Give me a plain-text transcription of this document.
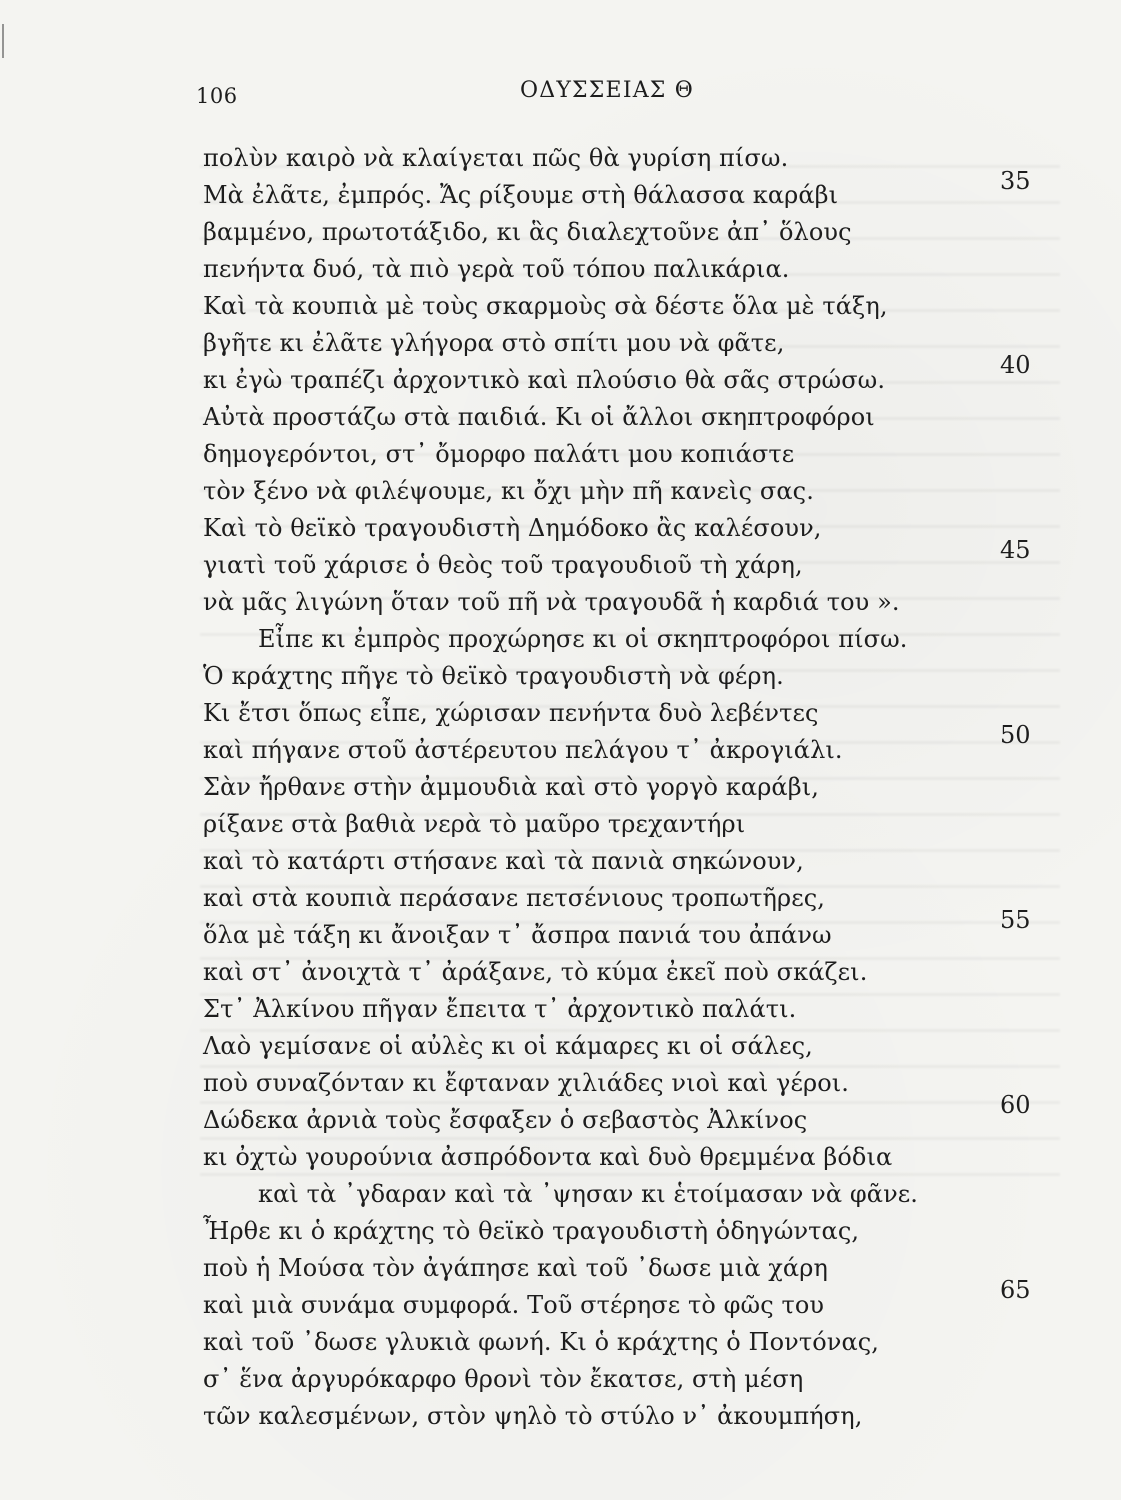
106	ΟΔΥΣΣΕΙΑΣ Θ
πολὺν καιρὸ νὰ κλαίγεται πῶς θὰ γυρίση πίσω.
Μὰ ἐλᾶτε, ἐμπρός. Ἄς ρίξουμε στὴ θάλασσα καράβι
βαμμένο, πρωτοτάξιδο, κι ἃς διαλεχτοῦνε ἀπ᾽ ὅλους
πενήντα δυό, τὰ πιὸ γερὰ τοῦ τόπου παλικάρια.
Καὶ τὰ κουπιὰ μὲ τοὺς σκαρμοὺς σὰ δέστε ὅλα μὲ τάξη,
βγῆτε κι ἐλᾶτε γλήγορα στὸ σπίτι μου νὰ φᾶτε,
κι ἐγὼ τραπέζι ἀρχοντικὸ καὶ πλούσιο θὰ σᾶς στρώσω.
Αὐτὰ προστάζω στὰ παιδιά. Κι οἱ ἄλλοι σκηπτροφόροι
δημογερόντοι, στ᾽ ὄμορφο παλάτι μου κοπιάστε
τὸν ξένο νὰ φιλέψουμε, κι ὄχι μὴν πῆ κανεὶς σας.
Καὶ τὸ θεϊκὸ τραγουδιστὴ Δημόδοκο ἂς καλέσουν,
γιατὶ τοῦ χάρισε ὁ θεὸς τοῦ τραγουδιοῦ τὴ χάρη,
νὰ μᾶς λιγώνη ὅταν τοῦ πῆ νὰ τραγουδᾶ ἡ καρδιά του ».
Εἶπε κι ἐμπρὸς προχώρησε κι οἱ σκηπτροφόροι πίσω.
Ὁ κράχτης πῆγε τὸ θεϊκὸ τραγουδιστὴ νὰ φέρη.
Κι ἔτσι ὅπως εἶπε, χώρισαν πενήντα δυὸ λεβέντες
καὶ πήγανε στοῦ ἀστέρευτου πελάγου τ᾽ ἀκρογιάλι.
Σὰν ἤρθανε στὴν ἀμμουδιὰ καὶ στὸ γοργὸ καράβι,
ρίξανε στὰ βαθιὰ νερὰ τὸ μαῦρο τρεχαντήρι
καὶ τὸ κατάρτι στήσανε καὶ τὰ πανιὰ σηκώνουν,
καὶ στὰ κουπιὰ περάσανε πετσένιους τροπωτῆρες,
ὅλα μὲ τάξη κι ἄνοιξαν τ᾽ ἄσπρα πανιά του ἀπάνω
καὶ στ᾽ ἀνοιχτὰ τ᾽ ἀράξανε, τὸ κύμα ἐκεῖ ποὺ σκάζει.
Στ᾽ Ἀλκίνου πῆγαν ἔπειτα τ᾽ ἀρχοντικὸ παλάτι.
Λαὸ γεμίσανε οἱ αὐλὲς κι οἱ κάμαρες κι οἱ σάλες,
ποὺ συναζόνταν κι ἔφταναν χιλιάδες νιοὶ καὶ γέροι.
Δώδεκα ἀρνιὰ τοὺς ἔσφαξεν ὁ σεβαστὸς Ἀλκίνος
κι ὀχτὼ γουρούνια ἀσπρόδοντα καὶ δυὸ θρεμμένα βόδια
καὶ τὰ ᾽γδαραν καὶ τὰ ᾽ψησαν κι ἑτοίμασαν νὰ φᾶνε.
Ἦρθε κι ὁ κράχτης τὸ θεϊκὸ τραγουδιστὴ ὁδηγώντας,
ποὺ ἡ Μούσα τὸν ἀγάπησε καὶ τοῦ ᾽δωσε μιὰ χάρη
καὶ μιὰ συνάμα συμφορά. Τοῦ στέρησε τὸ φῶς του
καὶ τοῦ ᾽δωσε γλυκιὰ φωνή. Κι ὁ κράχτης ὁ Ποντόνας,
σ᾽ ἕνα ἀργυρόκαρφο θρονὶ τὸν ἔκατσε, στὴ μέση
τῶν καλεσμένων, στὸν ψηλὸ τὸ στύλο ν᾽ ἀκουμπήση,
35
40
45
50
55
60
65
